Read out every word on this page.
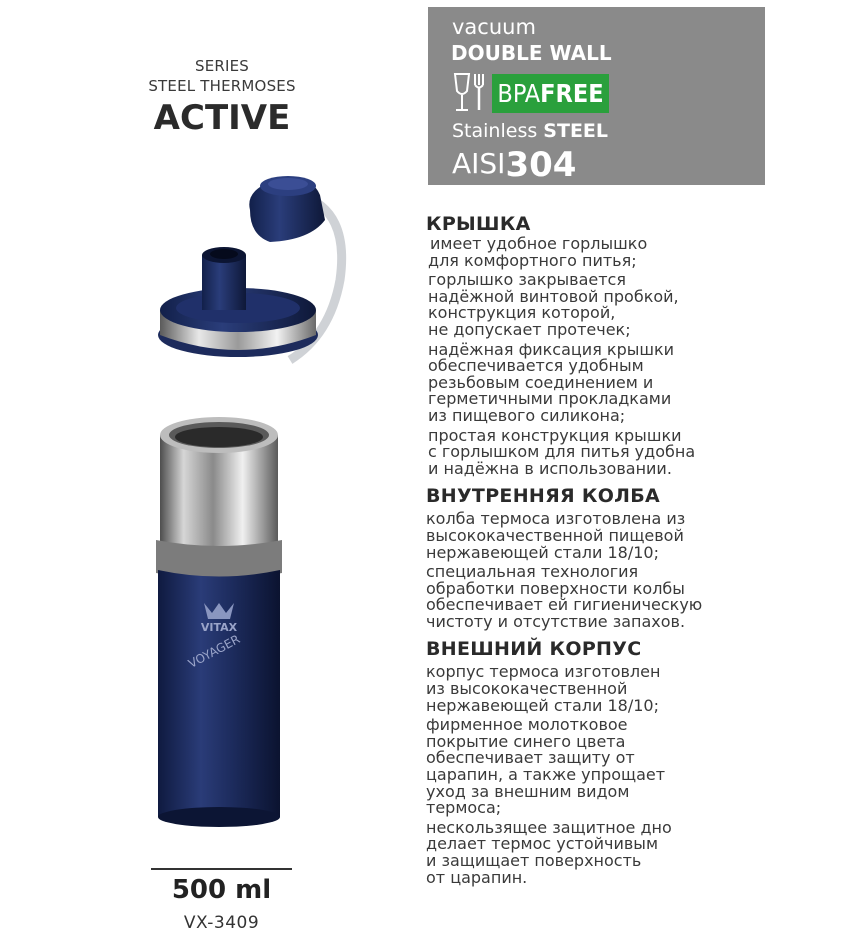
SERIES
STEEL THERMOSES
ACTIVE
vacuum
DOUBLE WALL
BPAFREE
Stainless STEEL
AISI304
VITAX
VOYAGER
КРЫШКА

имеет удобное горлышко

для комфортного питья;

горлышко закрывается

надёжной винтовой пробкой,

конструкция которой,

не допускает протечек;

надёжная фиксация крышки

обеспечивается удобным

резьбовым соединением и

герметичными прокладками

из пищевого силикона;

простая конструкция крышки

с горлышком для питья удобна

и надёжна в использовании.

ВНУТРЕННЯЯ КОЛБА

колба термоса изготовлена из

высококачественной пищевой

нержавеющей стали 18/10;

специальная технология

обработки поверхности колбы

обеспечивает ей гигиеническую

чистоту и отсутствие запахов.

ВНЕШНИЙ КОРПУС

корпус термоса изготовлен

из высококачественной

нержавеющей стали 18/10;

фирменное молотковое

покрытие синего цвета

обеспечивает защиту от

царапин, а также упрощает

уход за внешним видом

термоса;

нескользящее защитное дно

делает термос устойчивым

и защищает поверхность

от царапин.

500 ml
VX-3409
